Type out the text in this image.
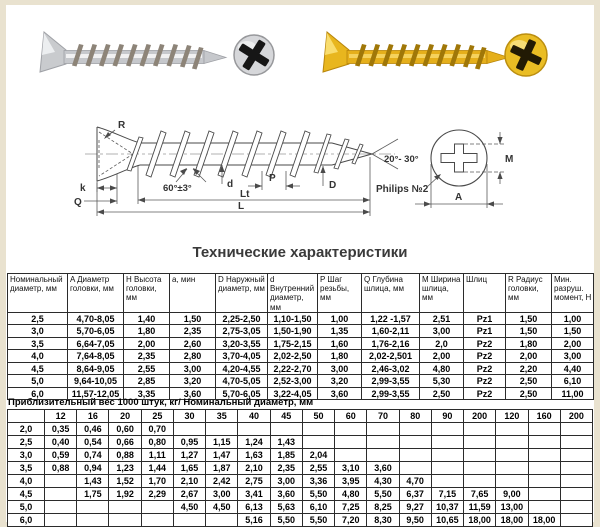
R
k
Q
60°±3°	d
P
D
20°- 30°
Lt
L
M
A
Philips №2
Технические характеристики
Номинальный диаметр, мм	A Диаметр головки, мм	Н Высота головки, мм	a, мин	D Наружный диаметр, мм	d Внутренний диаметр, мм	P Шаг резьбы, мм	Q Глубина шлица, мм	M Ширина шлица, мм	Шлиц	R Радиус головки, мм	Мин. разруш. момент, Н
2,5	4,70-8,05	1,40	1,50	2,25-2,50	1,10-1,50	1,00	1,22 -1,57	2,51	Pz1	1,50	1,00
3,0	5,70-6,05	1,80	2,35	2,75-3,05	1,50-1,90	1,35	1,60-2,11	3,00	Pz1	1,50	1,50
3,5	6,64-7,05	2,00	2,60	3,20-3,55	1,75-2,15	1,60	1,76-2,16	2,0	Pz2	1,80	2,00
4,0	7,64-8,05	2,35	2,80	3,70-4,05	2,02-2,50	1,80	2,02-2,501	2,00	Pz2	2,00	3,00
4,5	8,64-9,05	2,55	3,00	4,20-4,55	2,22-2,70	3,00	2,46-3,02	4,80	Pz2	2,20	4,40
5,0	9,64-10,05	2,85	3,20	4,70-5,05	2,52-3,00	3,20	2,99-3,55	5,30	Pz2	2,50	6,10
6,0	11,57-12,05	3,35	3,60	5,70-6,05	3,22-4,05	3,60	2,99-3,55	2,50	Pz2	2,50	11,00
Приблизительный вес 1000 штук, кг/ Номинальный диаметр, мм
	12	16	20	25	30	35	40	45	50	60	70	80	90	200	120	160	200
2,0	0,35	0,46	0,60	0,70													
2,5	0,40	0,54	0,66	0,80	0,95	1,15	1,24	1,43									
3,0	0,59	0,74	0,88	1,11	1,27	1,47	1,63	1,85	2,04								
3,5	0,88	0,94	1,23	1,44	1,65	1,87	2,10	2,35	2,55	3,10	3,60						
4,0		1,43	1,52	1,70	2,10	2,42	2,75	3,00	3,36	3,95	4,30	4,70					
4,5		1,75	1,92	2,29	2,67	3,00	3,41	3,60	5,50	4,80	5,50	6,37	7,15	7,65	9,00		
5,0					4,50	4,50	6,13	5,63	6,10	7,25	8,25	9,27	10,37	11,59	13,00		
6,0							5,16	5,50	5,50	7,20	8,30	9,50	10,65	18,00	18,00	18,00	
